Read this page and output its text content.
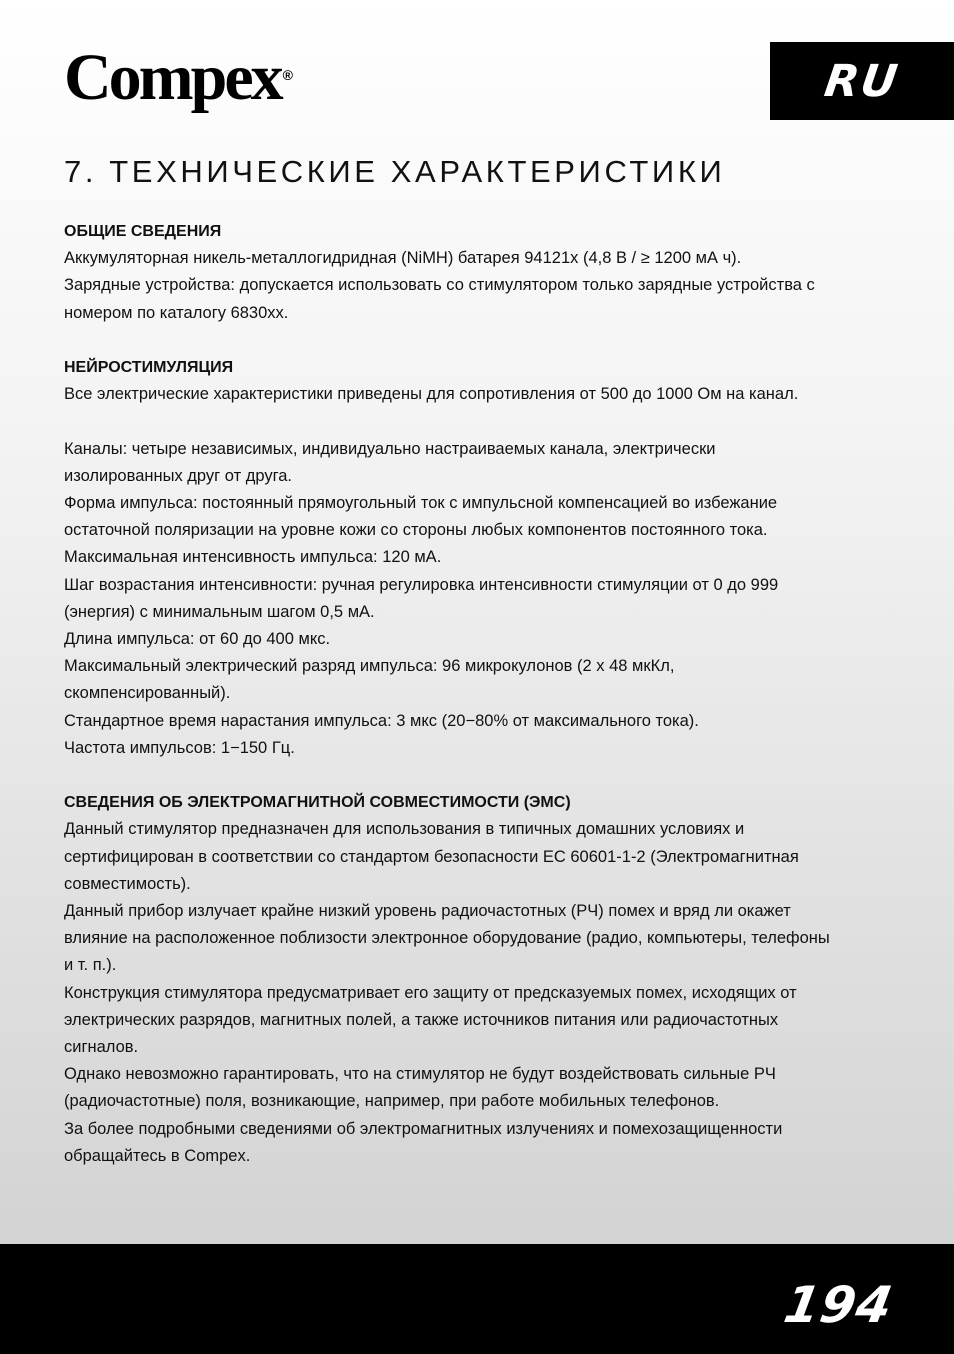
Compex ®	RU
7. ТЕХНИЧЕСКИЕ ХАРАКТЕРИСТИКИ
ОБЩИЕ СВЕДЕНИЯ

Аккумуляторная никель-металлогидридная (NiMH) батарея 94121x (4,8 В / ≥ 1200 мА ч).

Зарядные устройства: допускается использовать со стимулятором только зарядные устройства с

номером по каталогу 6830xx.

НЕЙРОСТИМУЛЯЦИЯ

Все электрические характеристики приведены для сопротивления от 500 до 1000 Ом на канал.

Каналы: четыре независимых, индивидуально настраиваемых канала, электрически

изолированных друг от друга.

Форма импульса: постоянный прямоугольный ток с импульсной компенсацией во избежание

остаточной поляризации на уровне кожи со стороны любых компонентов постоянного тока.

Максимальная интенсивность импульса: 120 мА.

Шаг возрастания интенсивности: ручная регулировка интенсивности стимуляции от 0 до 999

(энергия) с минимальным шагом 0,5 мА.

Длина импульса: от 60 до 400 мкс.

Максимальный электрический разряд импульса: 96 микрокулонов (2 x 48 мкКл,

скомпенсированный).

Стандартное время нарастания импульса: 3 мкс (20−80% от максимального тока).

Частота импульсов: 1−150 Гц.

СВЕДЕНИЯ ОБ ЭЛЕКТРОМАГНИТНОЙ СОВМЕСТИМОСТИ (ЭМС)

Данный стимулятор предназначен для использования в типичных домашних условиях и

сертифицирован в соответствии со стандартом безопасности EC 60601-1-2 (Электромагнитная

совместимость).

Данный прибор излучает крайне низкий уровень радиочастотных (РЧ) помех и вряд ли окажет

влияние на расположенное поблизости электронное оборудование (радио, компьютеры, телефоны

и т. п.).

Конструкция стимулятора предусматривает его защиту от предсказуемых помех, исходящих от

электрических разрядов, магнитных полей, а также источников питания или радиочастотных

сигналов.

Однако невозможно гарантировать, что на стимулятор не будут воздействовать сильные РЧ

(радиочастотные) поля, возникающие, например, при работе мобильных телефонов.

За более подробными сведениями об электромагнитных излучениях и помехозащищенности

обращайтесь в Compex.

194
